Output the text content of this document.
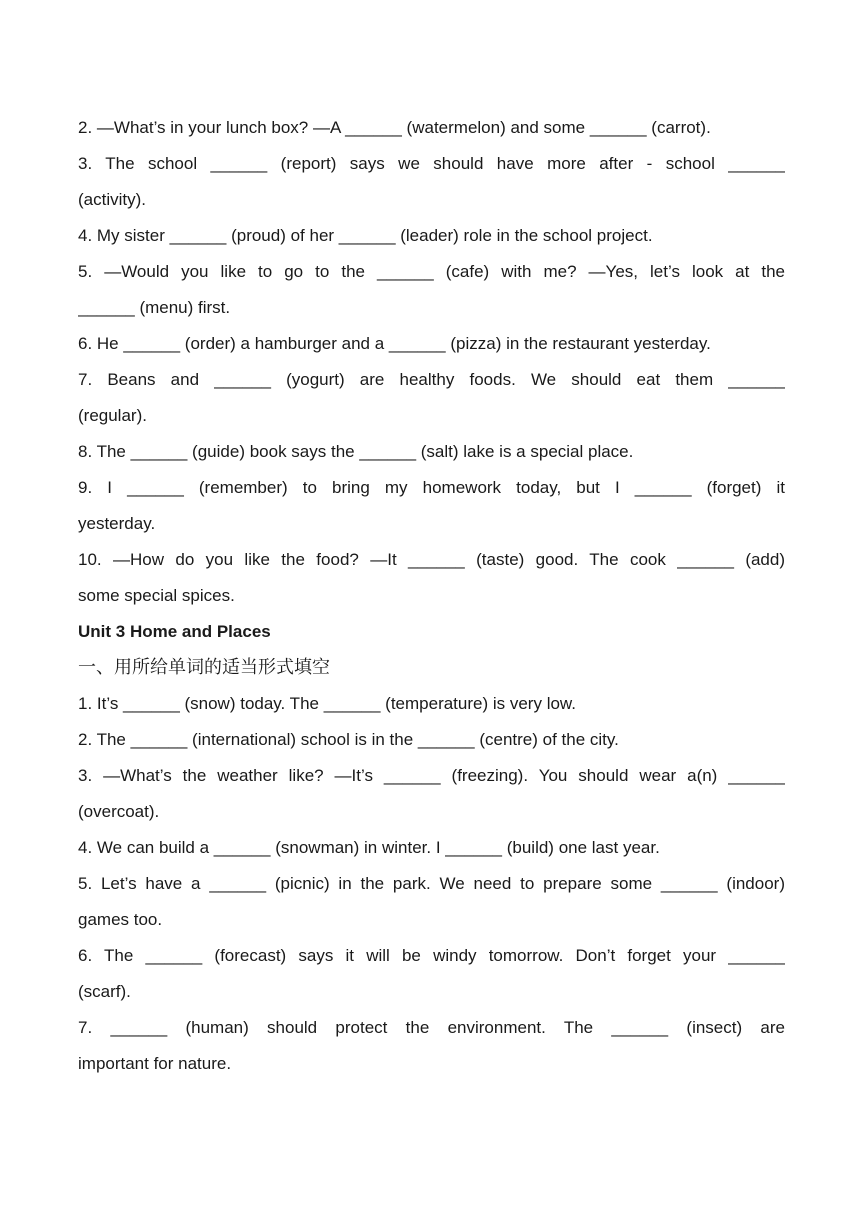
2. —What’s in your lunch box? —A ______ (watermelon) and some ______ (carrot).
3. The school ______ (report) says we should have more after - school ______
(activity).
4. My sister ______ (proud) of her ______ (leader) role in the school project.
5. —Would you like to go to the ______ (cafe) with me? —Yes, let’s look at the
______ (menu) first.
6. He ______ (order) a hamburger and a ______ (pizza) in the restaurant yesterday.
7. Beans and ______ (yogurt) are healthy foods. We should eat them ______
(regular).
8. The ______ (guide) book says the ______ (salt) lake is a special place.
9. I ______ (remember) to bring my homework today, but I ______ (forget) it
yesterday.
10. —How do you like the food? —It ______ (taste) good. The cook ______ (add)
some special spices.
Unit 3 Home and Places
一、用所给单词的适当形式填空
1. It’s ______ (snow) today. The ______ (temperature) is very low.
2. The ______ (international) school is in the ______ (centre) of the city.
3. —What’s the weather like? —It’s ______ (freezing). You should wear a(n) ______
(overcoat).
4. We can build a ______ (snowman) in winter. I ______ (build) one last year.
5. Let’s have a ______ (picnic) in the park. We need to prepare some ______ (indoor)
games too.
6. The ______ (forecast) says it will be windy tomorrow. Don’t forget your ______
(scarf).
7. ______ (human) should protect the environment. The ______ (insect) are
important for nature.
